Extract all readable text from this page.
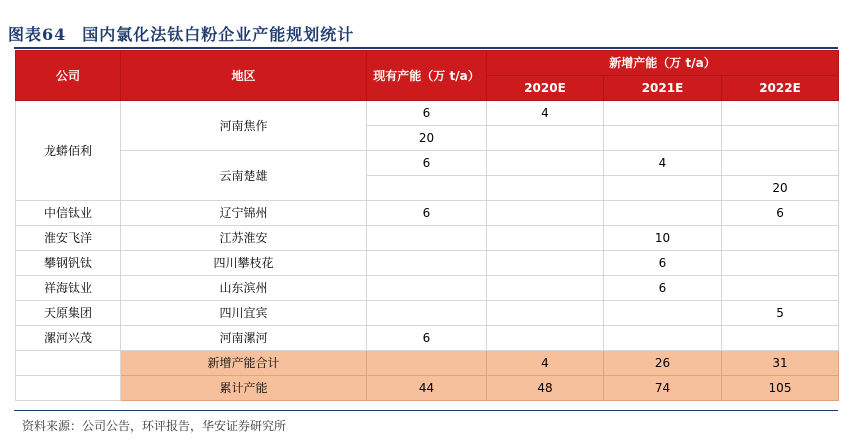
图表64 国内氯化法钛白粉企业产能规划统计
公司	地区	现有产能（万 t/a）	新增产能（万 t/a）		
			2020E	2021E	2022E
龙蟒佰利	河南焦作	6	4		
		20			
	云南楚雄	6		4	
					20
中信钛业	辽宁锦州	6			6
淮安飞洋	江苏淮安			10	
攀钢钒钛	四川攀枝花			6	
祥海钛业	山东滨州			6	
天原集团	四川宜宾				5
漯河兴茂	河南漯河	6			
	新增产能合计		4	26	31
	累计产能	44	48	74	105
资料来源：公司公告，环评报告，华安证券研究所
